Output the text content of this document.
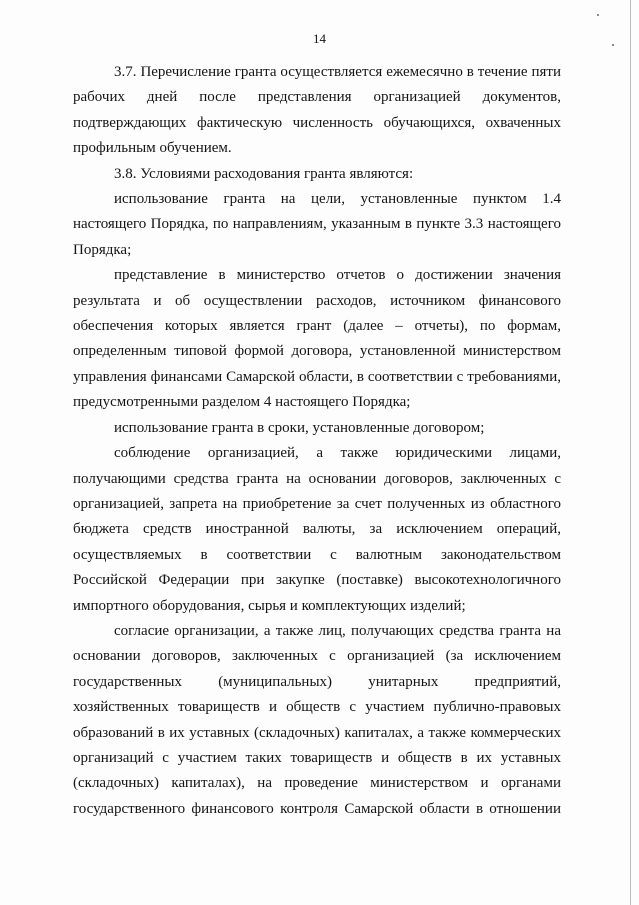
14

3.7. Перечисление гранта осуществляется ежемесячно в течение пяти рабочих дней после представления организацией документов, подтверждающих фактическую численность обучающихся, охваченных профильным обучением.

3.8. Условиями расходования гранта являются:

использование гранта на цели, установленные пунктом 1.4 настоящего Порядка, по направлениям, указанным в пункте 3.3 настоящего Порядка;

представление в министерство отчетов о достижении значения результата и об осуществлении расходов, источником финансового обеспечения которых является грант (далее – отчеты), по формам, определенным типовой формой договора, установленной министерством управления финансами Самарской области, в соответствии с требованиями, предусмотренными разделом 4 настоящего Порядка;

использование гранта в сроки, установленные договором;

соблюдение организацией, а также юридическими лицами, получающими средства гранта на основании договоров, заключенных с организацией, запрета на приобретение за счет полученных из областного бюджета средств иностранной валюты, за исключением операций, осуществляемых в соответствии с валютным законодательством Российской Федерации при закупке (поставке) высокотехнологичного импортного оборудования, сырья и комплектующих изделий;

согласие организации, а также лиц, получающих средства гранта на основании договоров, заключенных с организацией (за исключением государственных (муниципальных) унитарных предприятий, хозяйственных товариществ и обществ с участием публично-правовых образований в их уставных (складочных) капиталах, а также коммерческих организаций с участием таких товариществ и обществ в их уставных (складочных) капиталах), на проведение министерством и органами государственного финансового контроля Самарской области в отношении
